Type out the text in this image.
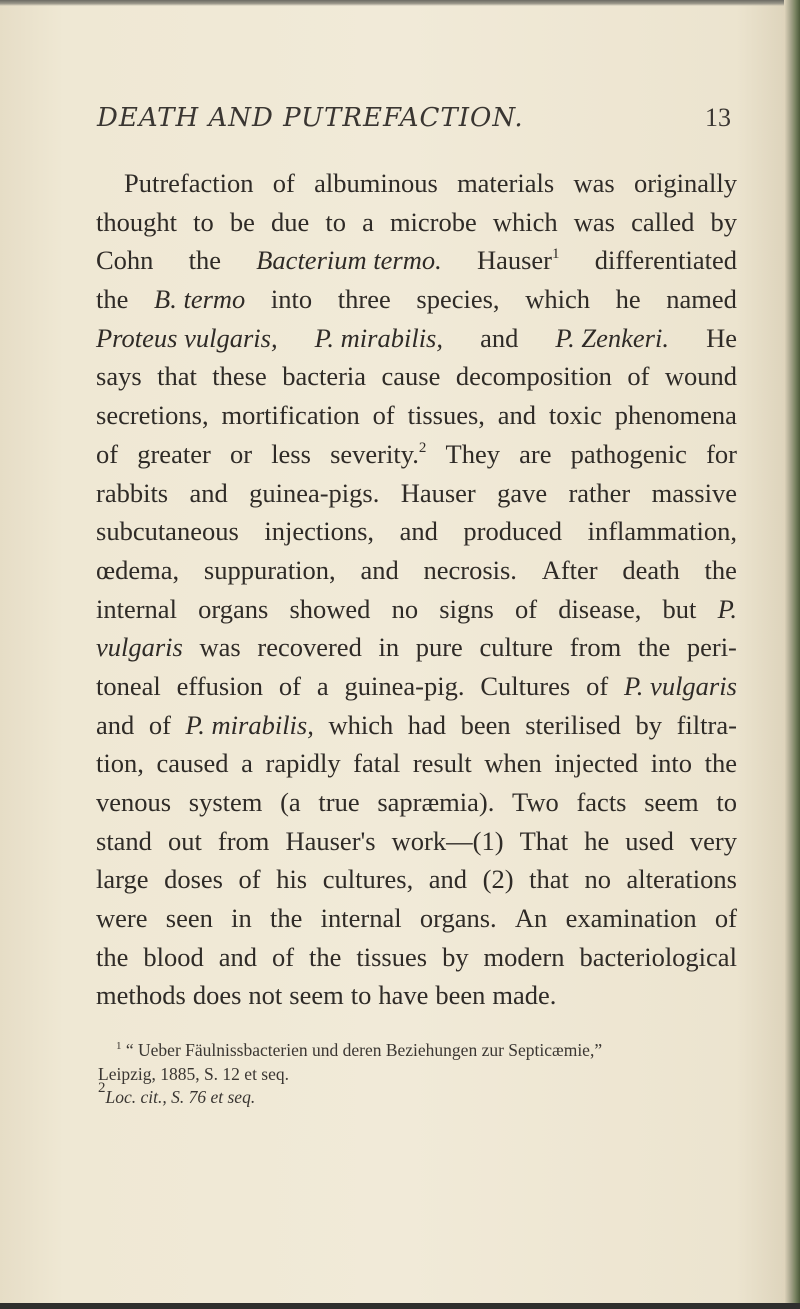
DEATH AND PUTREFACTION.	13
Putrefaction of albuminous materials was originally
thought to be due to a microbe which was called by
Cohn the Bacterium termo. Hauser$^1$ differentiated
the B. termo into three species, which he named
Proteus vulgaris, P. mirabilis, and P. Zenkeri. He
says that these bacteria cause decomposition of wound
secretions, mortification of tissues, and toxic phenomena
of greater or less severity.$^2$ They are pathogenic for
rabbits and guinea-pigs. Hauser gave rather massive
subcutaneous injections, and produced inflammation,
œdema, suppuration, and necrosis. After death the
internal organs showed no signs of disease, but P.
vulgaris was recovered in pure culture from the peri-
toneal effusion of a guinea-pig. Cultures of P. vulgaris
and of P. mirabilis, which had been sterilised by filtra-
tion, caused a rapidly fatal result when injected into the
venous system (a true sapræmia). Two facts seem to
stand out from Hauser's work—(1) That he used very
large doses of his cultures, and (2) that no alterations
were seen in the internal organs. An examination of
the blood and of the tissues by modern bacteriological
methods does not seem to have been made.
$^1$ “ Ueber Fäulnissbacterien und deren Beziehungen zur Septicæmie,”
Leipzig, 1885, S. 12 et seq.
$^2$Loc. cit., S. 76 et seq.
